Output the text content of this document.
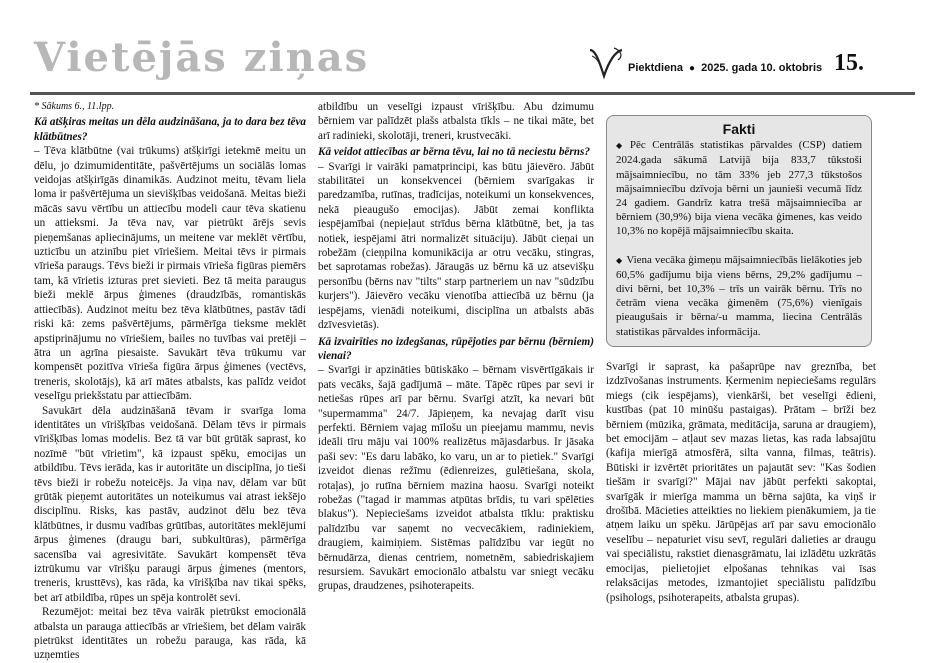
Vietējās ziņas	Piektdiena ● 2025. gada 10. oktobris 15.

* Sākums 6., 11.lpp.

Kā atšķiras meitas un dēla audzināšana, ja to dara bez tēva klātbūtnes?

– Tēva klātbūtne (vai trūkums) atšķirīgi ietekmē meitu un dēlu, jo dzimumidentitāte, pašvērtējums un sociālās lomas veidojas atšķirīgās dinamikās. Audzinot meitu, tēvam liela loma ir pašvērtējuma un sievišķības veidošanā. Meitas bieži mācās savu vērtību un attiecību modeli caur tēva skatienu un attieksmi. Ja tēva nav, var pietrūkt ārējs sevis pieņemšanas apliecinājums, un meitene var meklēt vērtību, uzticību un atzinību piet vīriešiem. Meitai tēvs ir pirmais vīrieša paraugs. Tēvs bieži ir pirmais vīrieša figūras piemērs tam, kā vīrietis izturas pret sievieti. Bez tā meita paraugus bieži meklē ārpus ģimenes (draudzībās, romantiskās attiecībās). Audzinot meitu bez tēva klātbūtnes, pastāv tādi riski kā: zems pašvērtējums, pārmērīga tieksme meklēt apstiprinājumu no vīriešiem, bailes no tuvības vai pretēji – ātra un agrīna piesaiste. Savukārt tēva trūkumu var kompensēt pozitīva vīrieša figūra ārpus ģimenes (vectēvs, treneris, skolotājs), kā arī mātes atbalsts, kas palīdz veidot veselīgu priekšstatu par attiecībām.

Savukārt dēla audzināšanā tēvam ir svarīga loma identitātes un vīrišķības veidošanā. Dēlam tēvs ir pirmais vīrišķības lomas modelis. Bez tā var būt grūtāk saprast, ko nozīmē "būt vīrietim", kā izpaust spēku, emocijas un atbildību. Tēvs ierāda, kas ir autoritāte un disciplīna, jo tieši tēvs bieži ir robežu noteicējs. Ja viņa nav, dēlam var būt grūtāk pieņemt autoritātes un noteikumus vai atrast iekšējo disciplīnu. Risks, kas pastāv, audzinot dēlu bez tēva klātbūtnes, ir dusmu vadības grūtības, autoritātes meklējumi ārpus ģimenes (draugu bari, subkultūras), pārmērīga sacensība vai agresivitāte. Savukārt kompensēt tēva iztrūkumu var vīrišķu paraugi ārpus ģimenes (mentors, treneris, krusttēvs), kas rāda, ka vīrišķība nav tikai spēks, bet arī atbildība, rūpes un spēja kontrolēt sevi.

Rezumējot: meitai bez tēva vairāk pietrūkst emocionālā atbalsta un parauga attiecībās ar vīriešiem, bet dēlam vairāk pietrūkst identitātes un robežu parauga, kas rāda, kā uzņemties

atbildību un veselīgi izpaust vīrišķību. Abu dzimumu bērniem var palīdzēt plašs atbalsta tīkls – ne tikai māte, bet arī radinieki, skolotāji, treneri, krustvecāki.

Kā veidot attiecības ar bērna tēvu, lai no tā neciestu bērns?

– Svarīgi ir vairāki pamatprincipi, kas būtu jāievēro. Jābūt stabilitātei un konsekvencei (bērniem svarīgakas ir paredzamība, rutīnas, tradīcijas, noteikumi un konsekvences, nekā pieaugušo emocijas). Jābūt zemai konflikta iespējamībai (nepieļaut strīdus bērna klātbūtnē, bet, ja tas notiek, iespējami ātri normalizēt situāciju). Jābūt cieņai un robežām (cieņpilna komunikācija ar otru vecāku, stingras, bet saprotamas robežas). Jāraugās uz bērnu kā uz atsevišķu personību (bērns nav "tilts" starp partneriem un nav "sūdzību kurjers"). Jāievēro vecāku vienotība attiecībā uz bērnu (ja iespējams, vienādi noteikumi, disciplīna un atbalsts abās dzīvesvietās).

Kā izvairīties no izdegšanas, rūpējoties par bērnu (bērniem) vienai?

– Svarīgi ir apzināties būtiskāko – bērnam visvērtīgākais ir pats vecāks, šajā gadījumā – māte. Tāpēc rūpes par sevi ir netiešas rūpes arī par bērnu. Svarīgi atzīt, ka nevari būt "supermamma" 24/7. Jāpieņem, ka nevajag darīt visu perfekti. Bērniem vajag mīlošu un pieejamu mammu, nevis ideāli tīru māju vai 100% realizētus mājasdarbus. Ir jāsaka paši sev: "Es daru labāko, ko varu, un ar to pietiek." Svarīgi izveidot dienas režīmu (ēdienreizes, gulētiešana, skola, rotaļas), jo rutīna bērniem mazina haosu. Svarīgi noteikt robežas ("tagad ir mammas atpūtas brīdis, tu vari spēlēties blakus"). Nepieciešams izveidot atbalsta tīklu: praktisku palīdzību var saņemt no vecvecākiem, radiniekiem, draugiem, kaimiņiem. Sistēmas palīdzību var iegūt no bērnudārza, dienas centriem, nometnēm, sabiedriskajiem resursiem. Savukārt emocionālo atbalstu var sniegt vecāku grupas, draudzenes, psihoterapeits.

Fakti

◆ Pēc Centrālās statistikas pārvaldes (CSP) datiem 2024.gada sākumā Latvijā bija 833,7 tūkstoši mājsaimniecību, no tām 33% jeb 277,3 tūkstošos mājsaimniecību dzīvoja bērni un jaunieši vecumā līdz 24 gadiem. Gandrīz katra trešā mājsaimniecība ar bērniem (30,9%) bija viena vecāka ģimenes, kas veido 10,3% no kopējā mājsaimniecību skaita.

◆ Viena vecāka ģimeņu mājsaimniecībās lielākoties jeb 60,5% gadījumu bija viens bērns, 29,2% gadījumu – divi bērni, bet 10,3% – trīs un vairāk bērnu. Trīs no četrām viena vecāka ģimenēm (75,6%) vienīgais pieaugušais ir bērna/-u mamma, liecina Centrālās statistikas pārvaldes informācija.

Svarīgi ir saprast, ka pašaprūpe nav greznība, bet izdzīvošanas instruments. Ķermenim nepieciešams regulārs miegs (cik iespējams), vienkārši, bet veselīgi ēdieni, kustības (pat 10 minūšu pastaigas). Prātam – brīži bez bērniem (mūzika, grāmata, meditācija, saruna ar draugiem), bet emocijām – atļaut sev mazas lietas, kas rada labsajūtu (kafija mierīgā atmosfērā, silta vanna, filmas, teātris). Būtiski ir izvērtēt prioritātes un pajautāt sev: "Kas šodien tiešām ir svarīgi?" Mājai nav jābūt perfekti sakoptai, svarīgāk ir mierīga mamma un bērna sajūta, ka viņš ir drošībā. Mācieties atteikties no liekiem pienākumiem, ja tie atņem laiku un spēku. Jārūpējas arī par savu emocionālo veselību – nepaturiet visu sevī, regulāri dalieties ar draugu vai speciālistu, rakstiet dienasgrāmatu, lai izlādētu uzkrātās emocijas, pielietojiet elpošanas tehnikas vai īsas relaksācijas metodes, izmantojiet speciālistu palīdzību (psihologs, psihoterapeits, atbalsta grupas).
